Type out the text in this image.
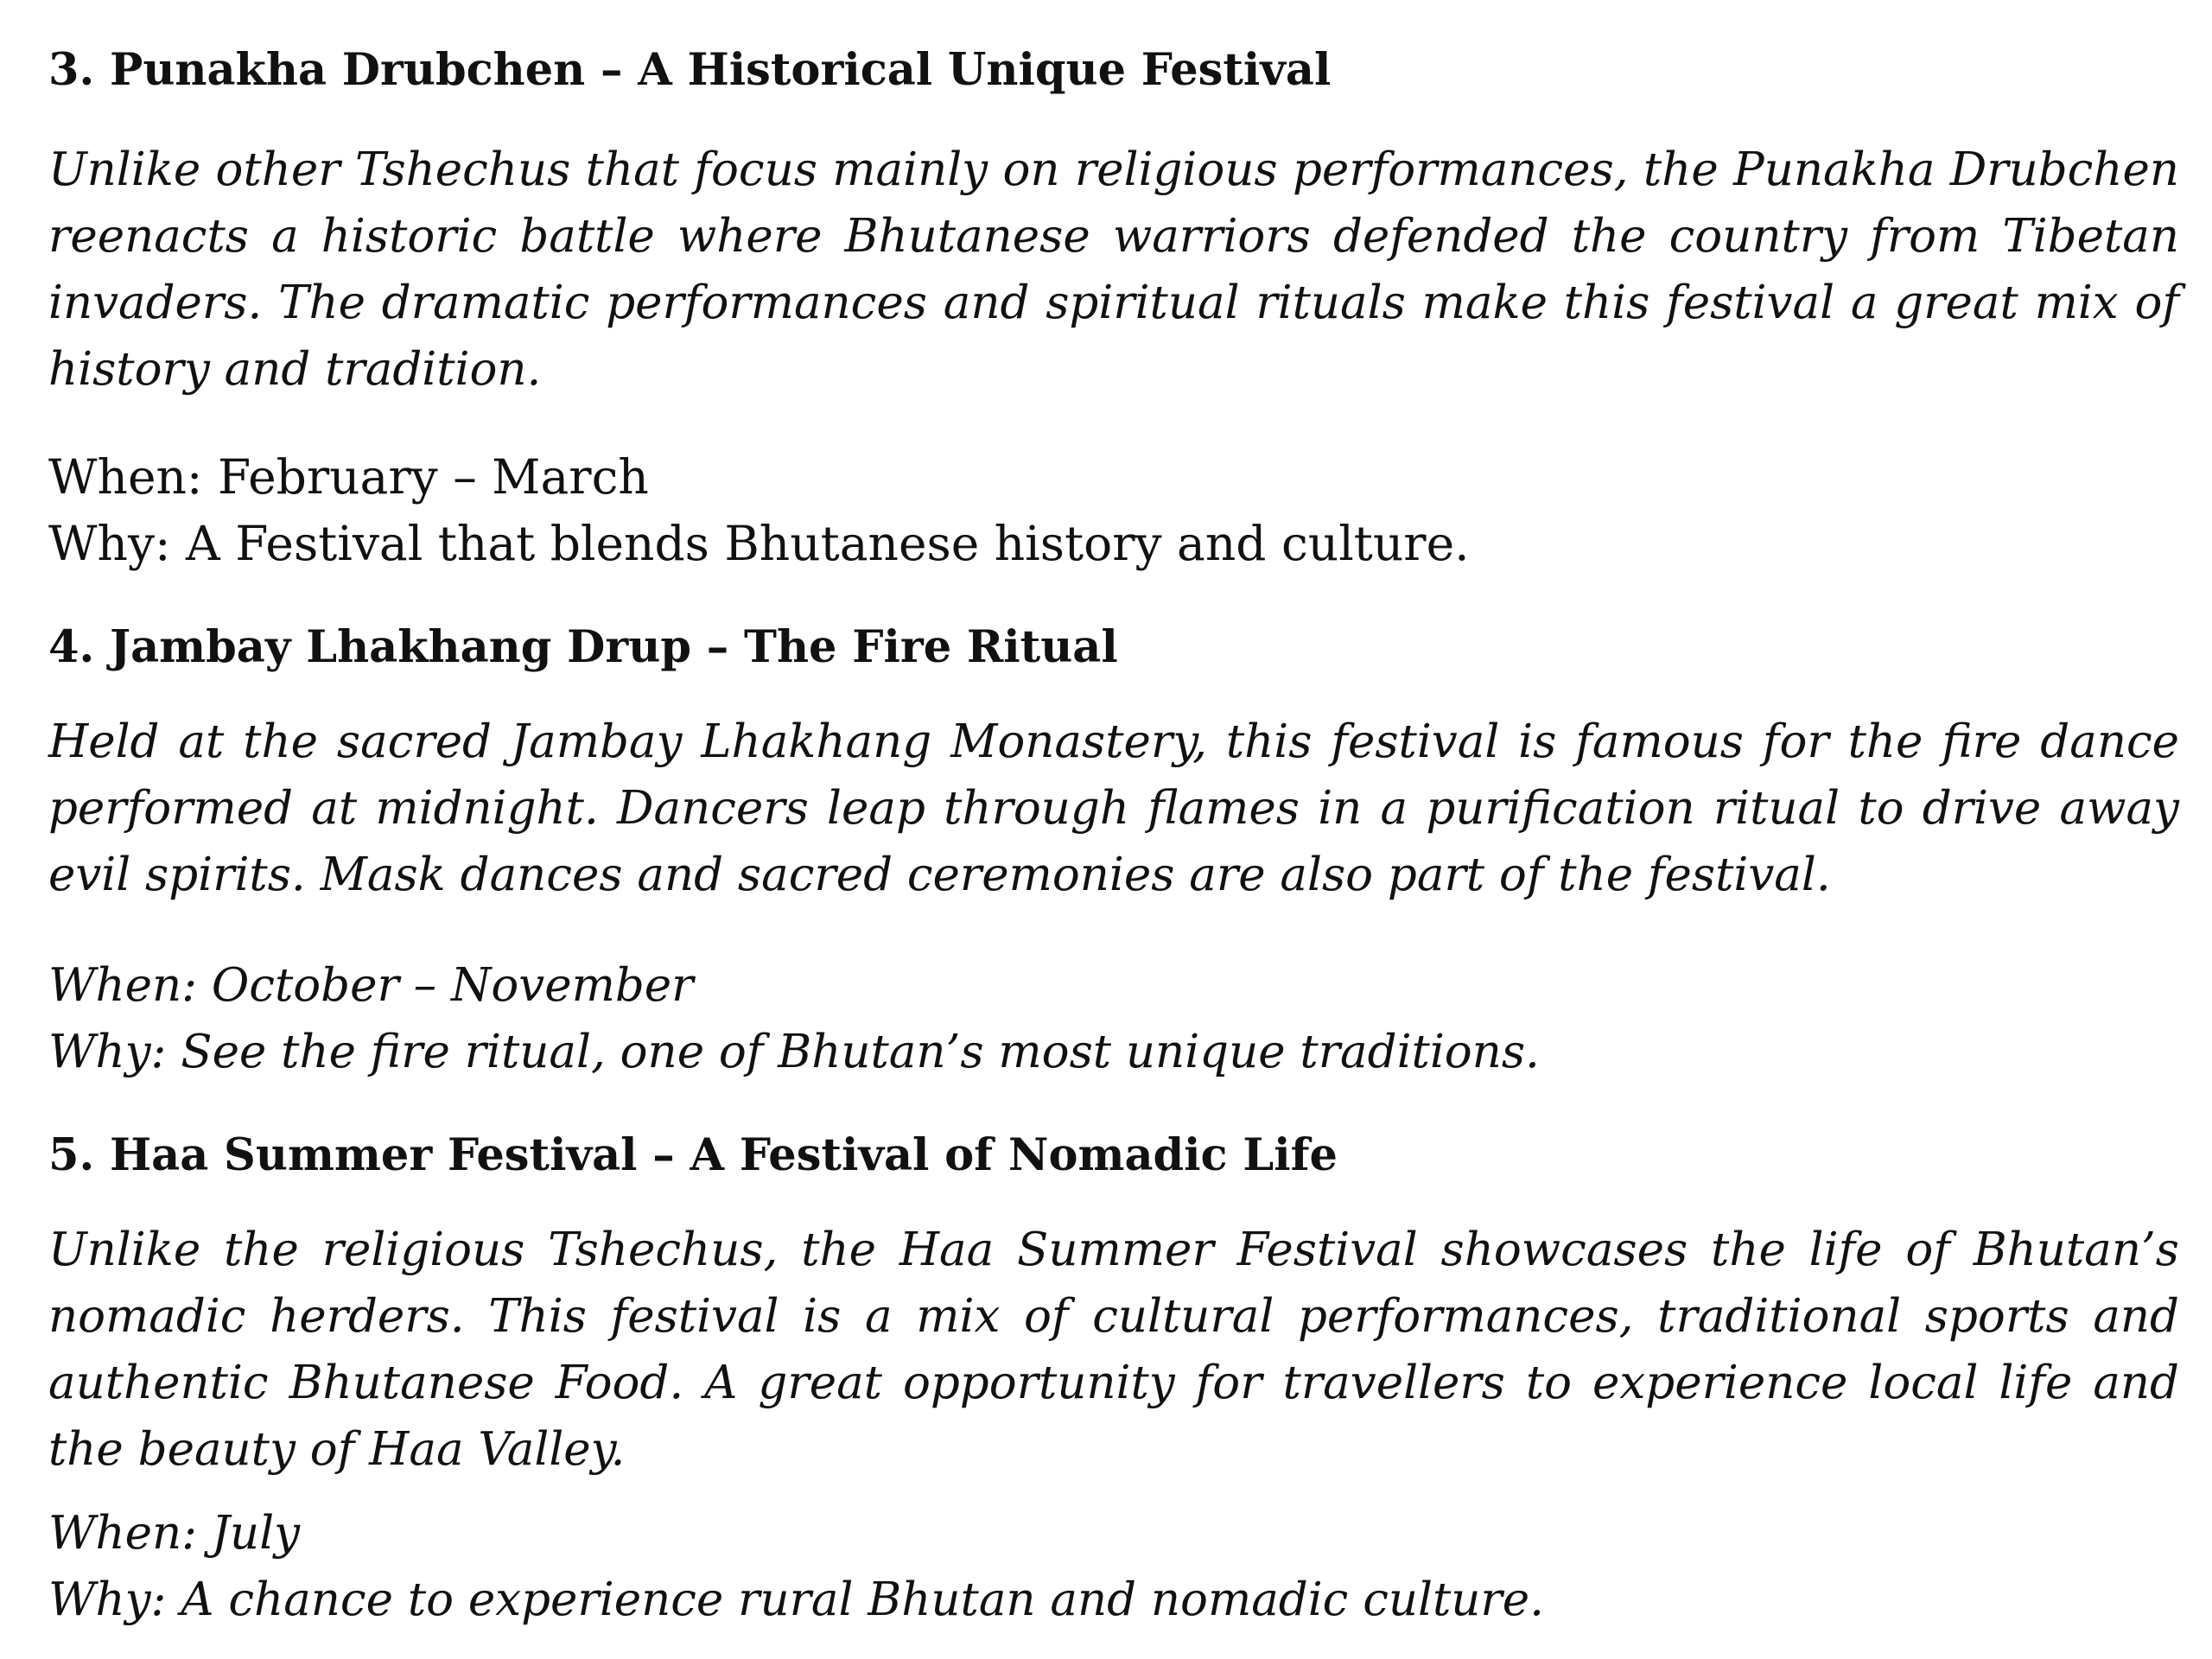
3. Punakha Drubchen – A Historical Unique Festival

Unlike other Tshechus that focus mainly on religious performances, the Punakha Drubchen reenacts a historic battle where Bhutanese warriors defended the country from Tibetan invaders. The dramatic performances and spiritual rituals make this festival a great mix of history and tradition.

When: February – March
Why: A Festival that blends Bhutanese history and culture.
4. Jambay Lhakhang Drup – The Fire Ritual

Held at the sacred Jambay Lhakhang Monastery, this festival is famous for the fire dance performed at midnight. Dancers leap through flames in a purification ritual to drive away evil spirits. Mask dances and sacred ceremonies are also part of the festival.

When: October – November
Why: See the fire ritual, one of Bhutan’s most unique traditions.
5. Haa Summer Festival – A Festival of Nomadic Life

Unlike the religious Tshechus, the Haa Summer Festival showcases the life of Bhutan’s nomadic herders. This festival is a mix of cultural performances, traditional sports and authentic Bhutanese Food. A great opportunity for travellers to experience local life and the beauty of Haa Valley.

When: July
Why: A chance to experience rural Bhutan and nomadic culture.
